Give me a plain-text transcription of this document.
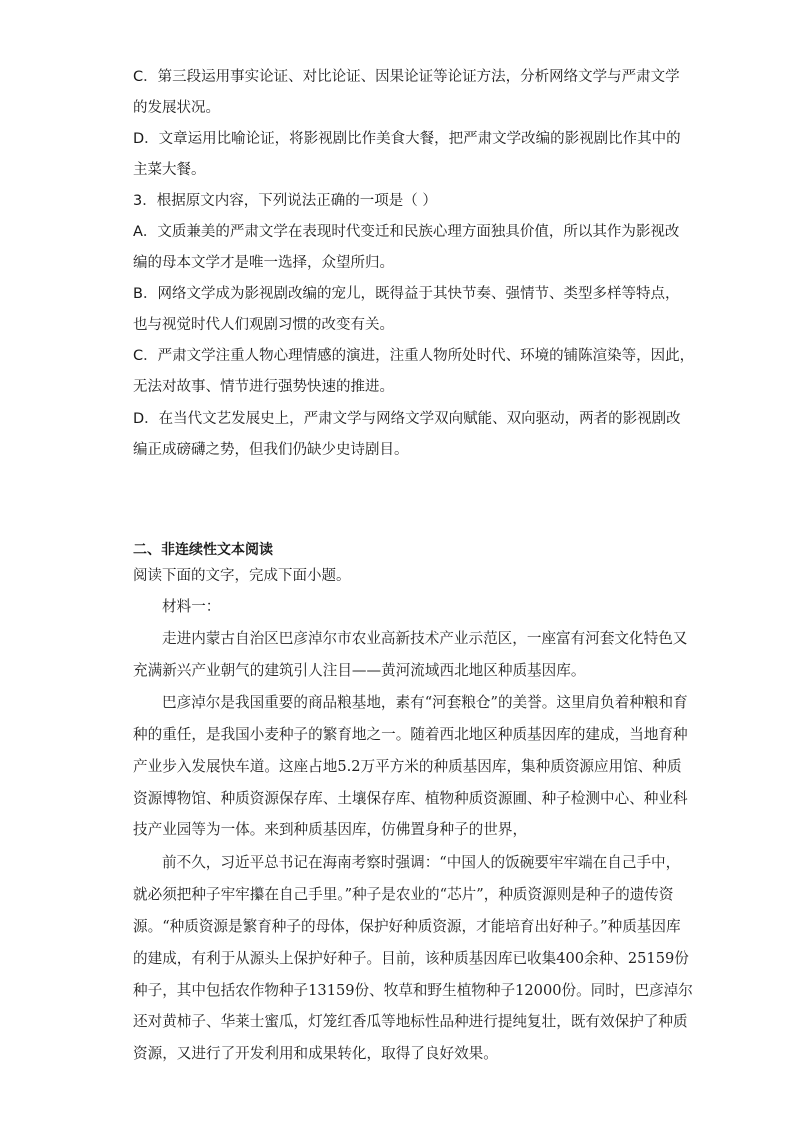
C．第三段运用事实论证、对比论证、因果论证等论证方法，分析网络文学与严肃文学
的发展状况。
D．文章运用比喻论证，将影视剧比作美食大餐，把严肃文学改编的影视剧比作其中的
主菜大餐。
3．根据原文内容，下列说法正确的一项是（ ）
A．文质兼美的严肃文学在表现时代变迁和民族心理方面独具价值，所以其作为影视改
编的母本文学才是唯一选择，众望所归。
B．网络文学成为影视剧改编的宠儿，既得益于其快节奏、强情节、类型多样等特点，
也与视觉时代人们观剧习惯的改变有关。
C．严肃文学注重人物心理情感的演进，注重人物所处时代、环境的铺陈渲染等，因此，
无法对故事、情节进行强势快速的推进。
D．在当代文艺发展史上，严肃文学与网络文学双向赋能、双向驱动，两者的影视剧改
编正成磅礴之势，但我们仍缺少史诗剧目。
二、非连续性文本阅读
阅读下面的文字，完成下面小题。
材料一：
走进内蒙古自治区巴彦淖尔市农业高新技术产业示范区，一座富有河套文化特色又
充满新兴产业朝气的建筑引人注目——黄河流域西北地区种质基因库。
巴彦淖尔是我国重要的商品粮基地，素有“河套粮仓”的美誉。这里肩负着种粮和育
种的重任，是我国小麦种子的繁育地之一。随着西北地区种质基因库的建成，当地育种
产业步入发展快车道。这座占地5.2万平方米的种质基因库，集种质资源应用馆、种质
资源博物馆、种质资源保存库、土壤保存库、植物种质资源圃、种子检测中心、种业科
技产业园等为一体。来到种质基因库，仿佛置身种子的世界，
前不久，习近平总书记在海南考察时强调：“中国人的饭碗要牢牢端在自己手中，
就必须把种子牢牢攥在自己手里。”种子是农业的“芯片”，种质资源则是种子的遗传资
源。“种质资源是繁育种子的母体，保护好种质资源，才能培育出好种子。”种质基因库
的建成，有利于从源头上保护好种子。目前，该种质基因库已收集400余种、25159份
种子，其中包括农作物种子13159份、牧草和野生植物种子12000份。同时，巴彦淖尔
还对黄柿子、华莱士蜜瓜，灯笼红香瓜等地标性品种进行提纯复壮，既有效保护了种质
资源，又进行了开发利用和成果转化，取得了良好效果。
